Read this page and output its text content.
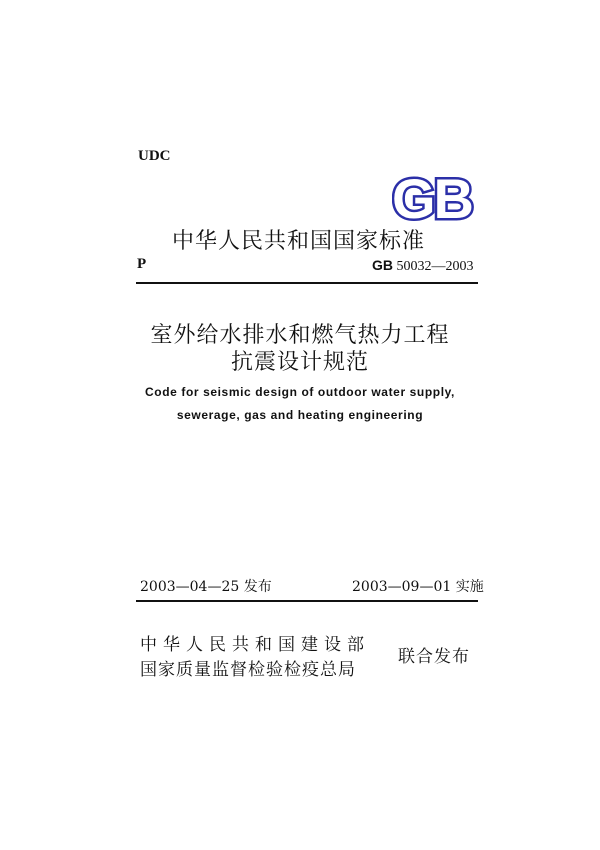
UDC
GB
中华人民共和国国家标准
P	GB 50032—2003
室外给水排水和燃气热力工程
抗震设计规范
Code for seismic design of outdoor water supply,
sewerage, gas and heating engineering
2003—04—25 发布	2003—09—01 实施
中华人民共和国建设部
国家质量监督检验检疫总局
联合发布
